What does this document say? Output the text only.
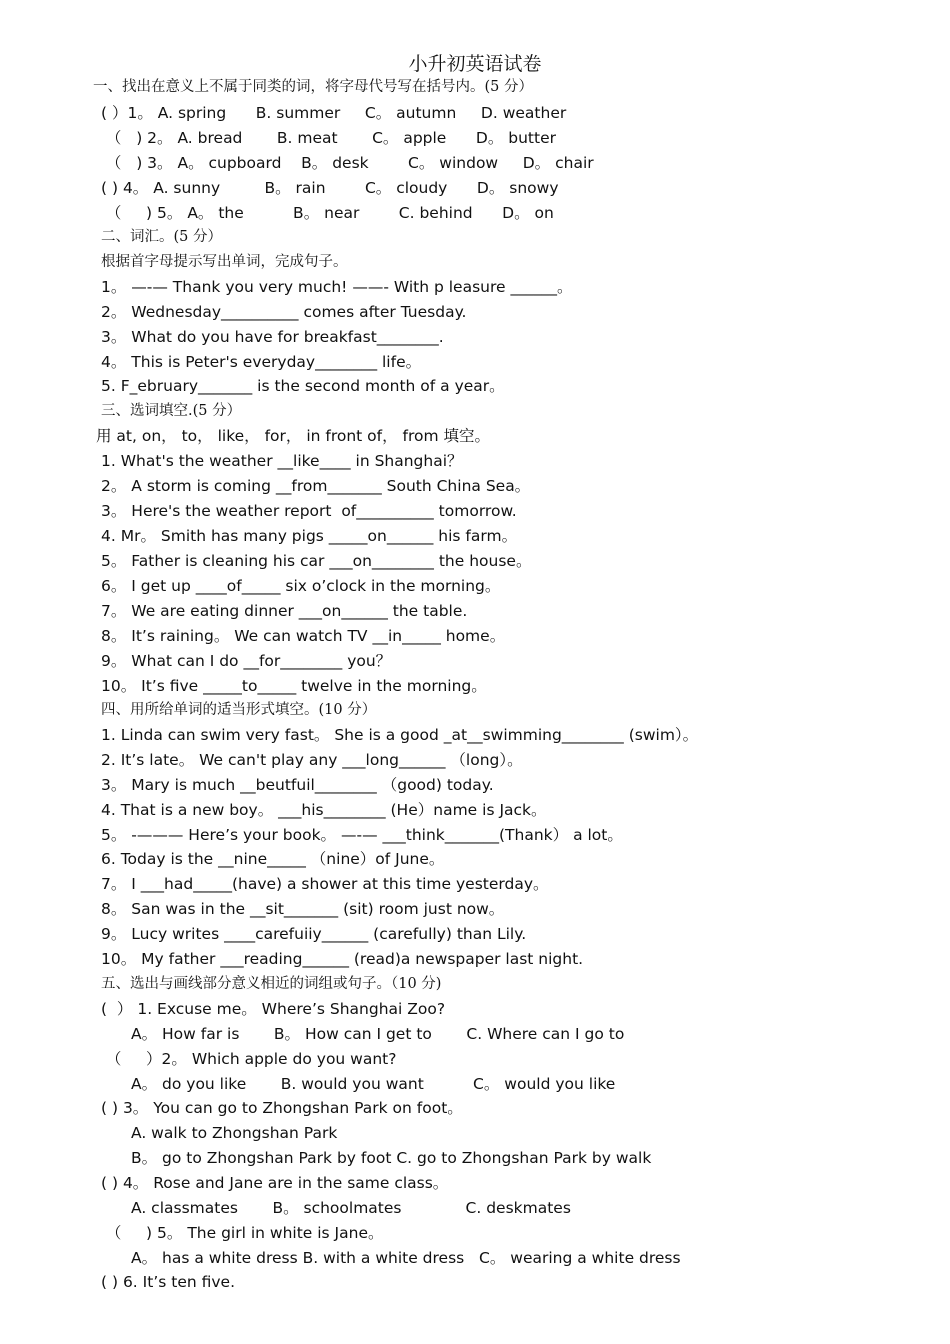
小升初英语试卷
一、找出在意义上不属于同类的词，将字母代号写在括号内。(5 分）
( ）1。 A. spring      B. summer     C。 autumn     D. weather
（   ) 2。 A. bread       B. meat       C。 apple      D。 butter
（   ) 3。 A。 cupboard    B。 desk        C。 window     D。 chair
( ) 4。 A. sunny         B。 rain        C。 cloudy      D。 snowy
（     ) 5。 A。 the          B。 near        C. behind      D。 on
二、词汇。(5 分）
根据首字母提示写出单词，完成句子。
1。 —-— Thank you very much! ——- With p leasure ______。
2。 Wednesday__________ comes after Tuesday.
3。 What do you have for breakfast________.
4。 This is Peter's everyday________ life。
5. F_ebruary_______ is the second month of a year。
三、选词填空.(5 分）
用 at, on， to， like， for， in front of， from 填空。
1. What's the weather __like____ in Shanghai？
2。 A storm is coming __from_______ South China Sea。
3。 Here's the weather report  of__________ tomorrow.
4. Mr。 Smith has many pigs _____on______ his farm。
5。 Father is cleaning his car ___on________ the house。
6。 I get up ____of_____ six o’clock in the morning。
7。 We are eating dinner ___on______ the table.
8。 It’s raining。 We can watch TV __in_____ home。
9。 What can I do __for________ you？
10。 It’s five _____to_____ twelve in the morning。
四、用所给单词的适当形式填空。(10 分）
1. Linda can swim very fast。 She is a good _at__swimming________ (swim）。
2. It’s late。 We can't play any ___long______ （long）。
3。 Mary is much __beutfuil________ （good) today.
4. That is a new boy。 ___his________ (He）name is Jack。
5。 -——— Here’s your book。 —-— ___think_______(Thank） a lot。
6. Today is the __nine_____ （nine）of June。
7。 I ___had_____(have) a shower at this time yesterday。
8。 San was in the __sit_______ (sit) room just now。
9。 Lucy writes ____carefuiiy______ (carefully) than Lily.
10。 My father ___reading______ (read)a newspaper last night.
五、选出与画线部分意义相近的词组或句子。（10 分)
(  ） 1. Excuse me。 Where’s Shanghai Zoo?
A。 How far is       B。 How can I get to       C. Where can I go to
（     ）2。 Which apple do you want?
A。 do you like       B. would you want          C。 would you like
( ) 3。 You can go to Zhongshan Park on foot。
A. walk to Zhongshan Park
B。 go to Zhongshan Park by foot C. go to Zhongshan Park by walk
( ) 4。 Rose and Jane are in the same class。
A. classmates       B。 schoolmates             C. deskmates
（     ) 5。 The girl in white is Jane。
A。 has a white dress B. with a white dress   C。 wearing a white dress
( ) 6. It’s ten five.
